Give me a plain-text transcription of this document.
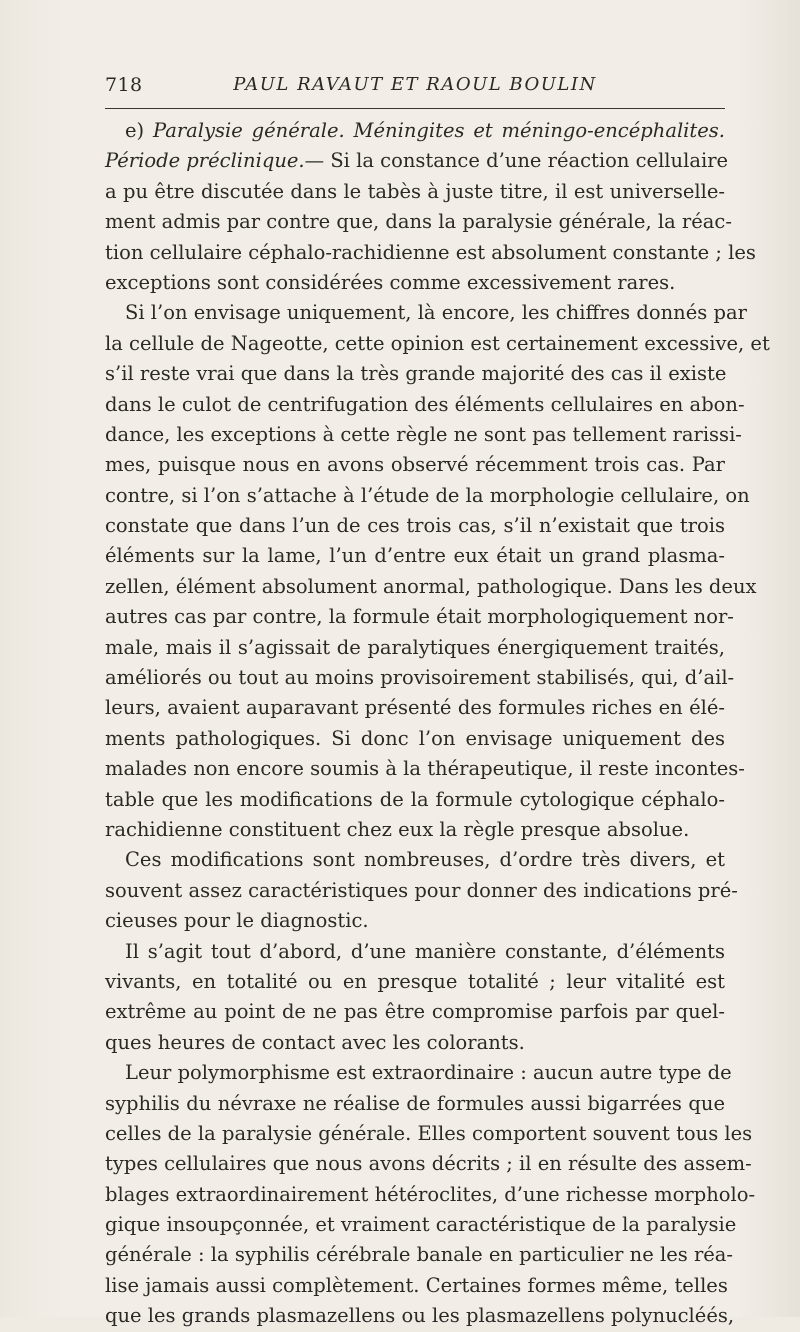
718	PAUL RAVAUT ET RAOUL BOULIN
e) Paralysie générale. Méningites et méningo-encéphalites.
Période préclinique.— Si la constance d’une réaction cellulaire
a pu être discutée dans le tabès à juste titre, il est universelle-
ment admis par contre que, dans la paralysie générale, la réac-
tion cellulaire céphalo-rachidienne est absolument constante ; les
exceptions sont considérées comme excessivement rares.
Si l’on envisage uniquement, là encore, les chiffres donnés par
la cellule de Nageotte, cette opinion est certainement excessive, et
s’il reste vrai que dans la très grande majorité des cas il existe
dans le culot de centrifugation des éléments cellulaires en abon-
dance, les exceptions à cette règle ne sont pas tellement rarissi-
mes, puisque nous en avons observé récemment trois cas. Par
contre, si l’on s’attache à l’étude de la morphologie cellulaire, on
constate que dans l’un de ces trois cas, s’il n’existait que trois
éléments sur la lame, l’un d’entre eux était un grand plasma-
zellen, élément absolument anormal, pathologique. Dans les deux
autres cas par contre, la formule était morphologiquement nor-
male, mais il s’agissait de paralytiques énergiquement traités,
améliorés ou tout au moins provisoirement stabilisés, qui, d’ail-
leurs, avaient auparavant présenté des formules riches en élé-
ments pathologiques. Si donc l’on envisage uniquement des
malades non encore soumis à la thérapeutique, il reste incontes-
table que les modifications de la formule cytologique céphalo-
rachidienne constituent chez eux la règle presque absolue.
Ces modifications sont nombreuses, d’ordre très divers, et
souvent assez caractéristiques pour donner des indications pré-
cieuses pour le diagnostic.
Il s’agit tout d’abord, d’une manière constante, d’éléments
vivants, en totalité ou en presque totalité ; leur vitalité est
extrême au point de ne pas être compromise parfois par quel-
ques heures de contact avec les colorants.
Leur polymorphisme est extraordinaire : aucun autre type de
syphilis du névraxe ne réalise de formules aussi bigarrées que
celles de la paralysie générale. Elles comportent souvent tous les
types cellulaires que nous avons décrits ; il en résulte des assem-
blages extraordinairement hétéroclites, d’une richesse morpholo-
gique insoupçonnée, et vraiment caractéristique de la paralysie
générale : la syphilis cérébrale banale en particulier ne les réa-
lise jamais aussi complètement. Certaines formes même, telles
que les grands plasmazellens ou les plasmazellens polynucléés,
